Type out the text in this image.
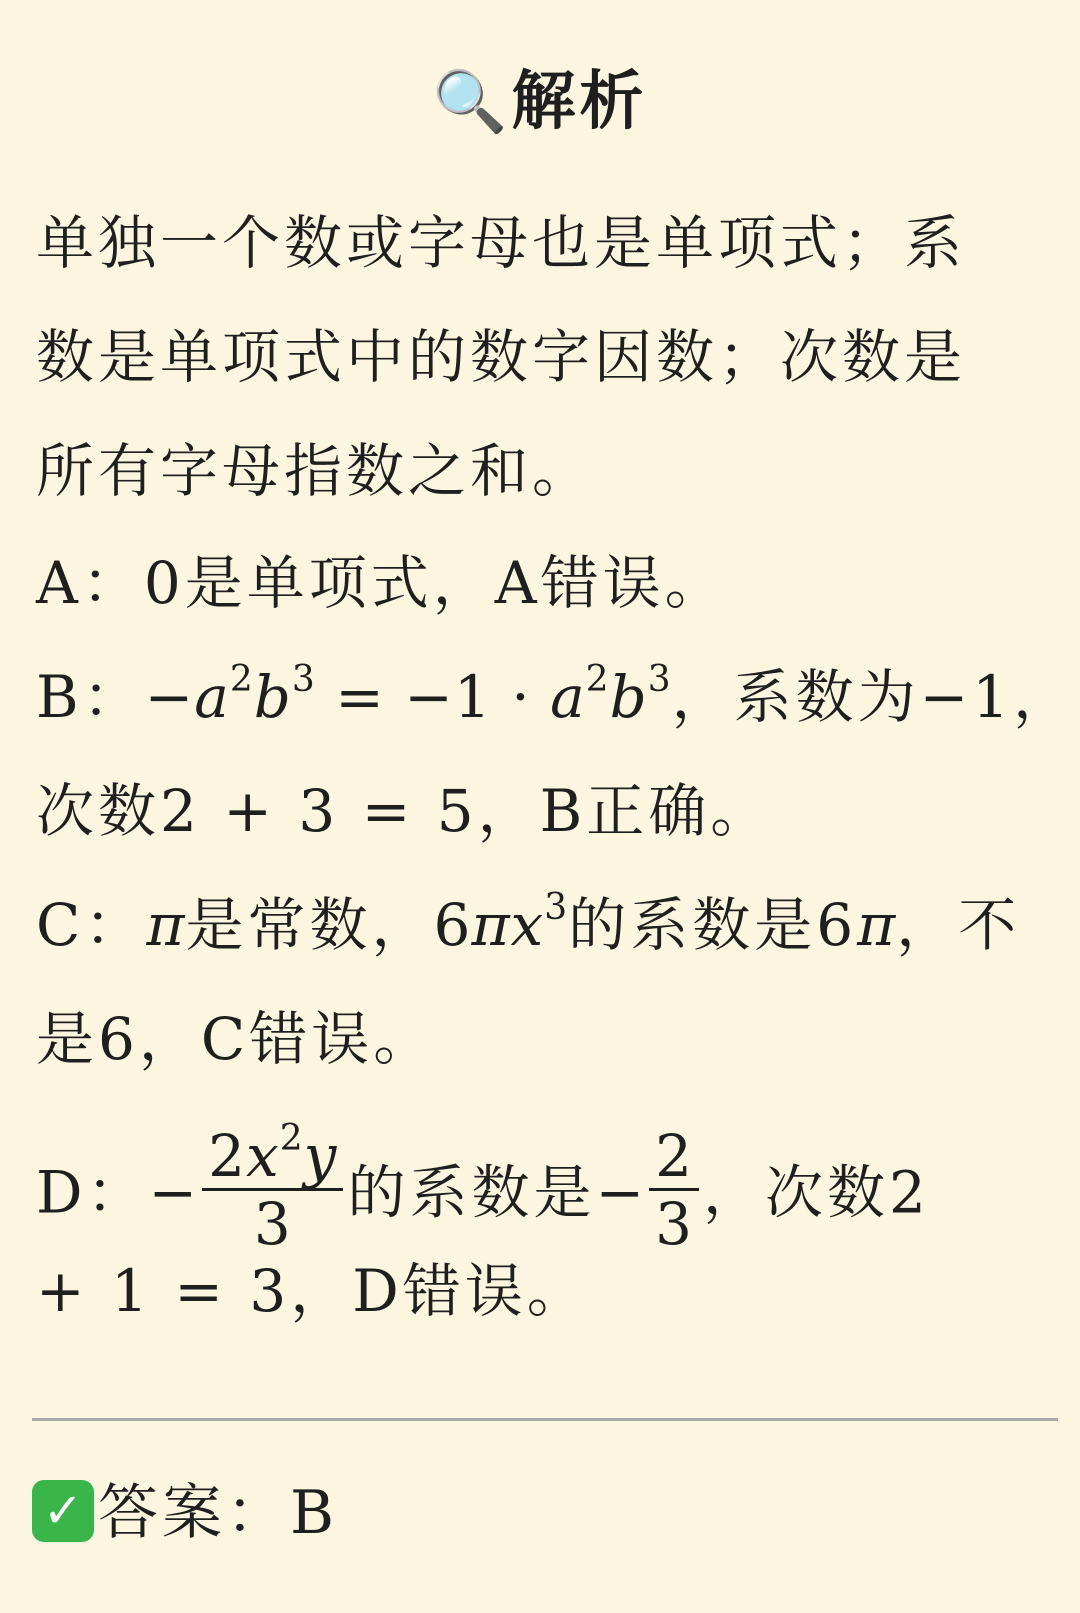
🔍解析
单独一个数或字母也是单项式；系
数是单项式中的数字因数；次数是
所有字母指数之和。
A：0是单项式，A错误。
B：$-a^2b^3 = -1 \cdot a^2b^3$，系数为−1，
次数2 + 3 = 5，B正确。
C：π是常数，$6\pi x^3$的系数是6π，不
是6，C错误。
D：− $\frac{2x^2y}{3}$ 的系数是− $\frac{2}{3}$ ，次数2
+ 1 = 3，D错误。
✓ 答案：B
